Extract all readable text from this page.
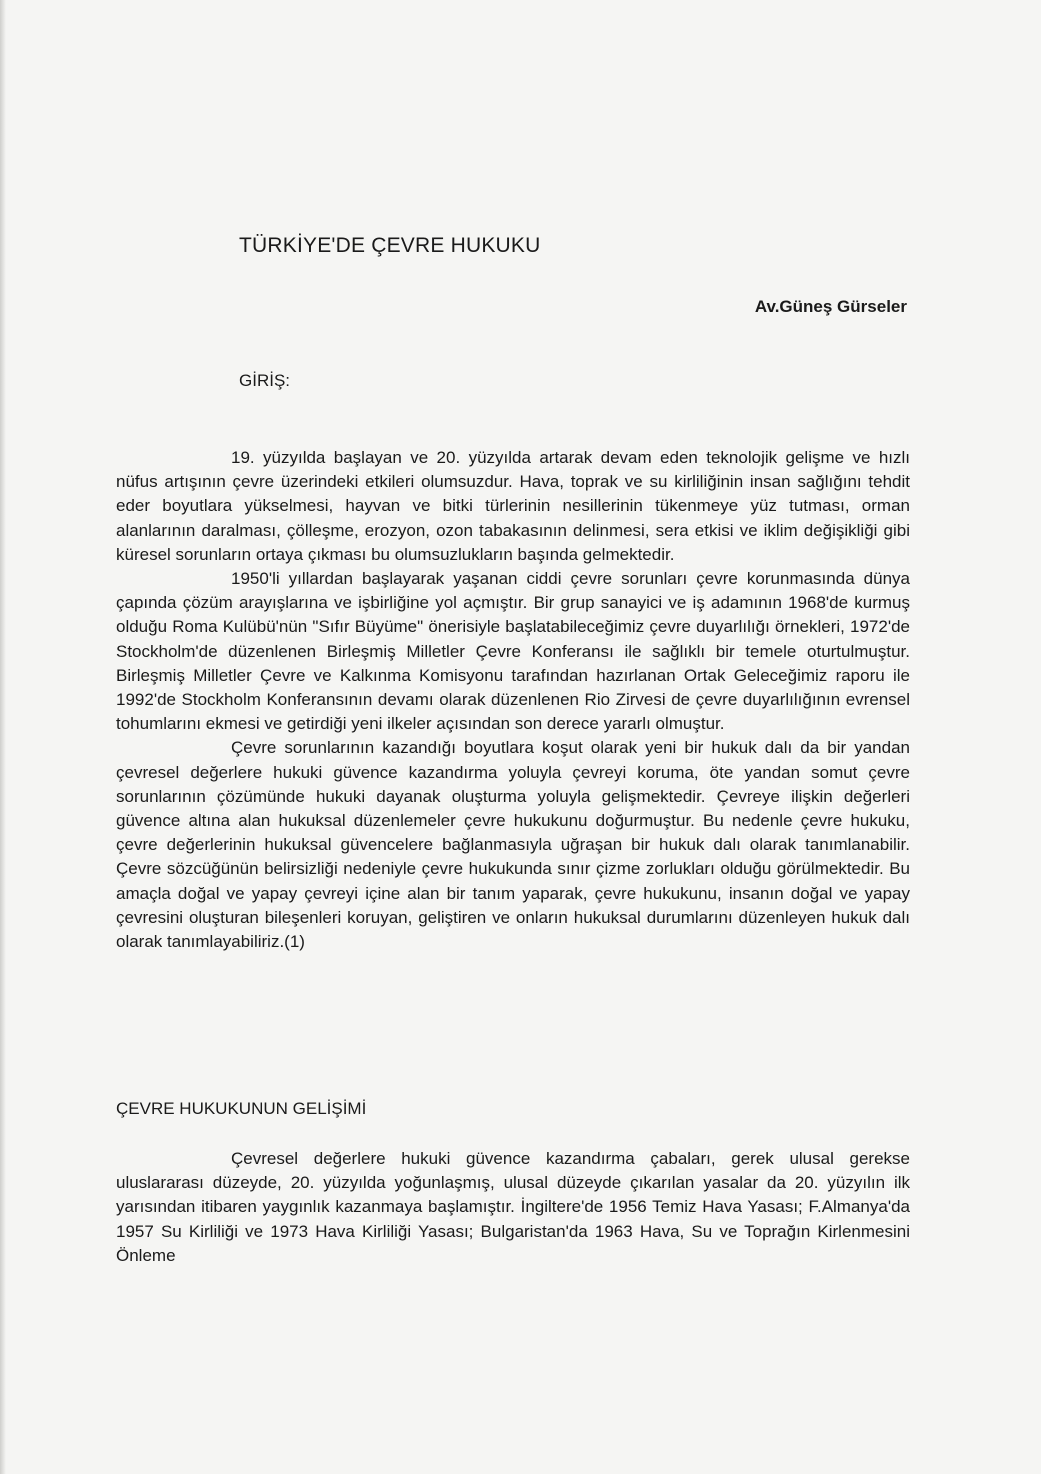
TÜRKİYE'DE ÇEVRE HUKUKU
Av.Güneş Gürseler
GİRİŞ:

19. yüzyılda başlayan ve 20. yüzyılda artarak devam eden teknolojik gelişme ve hızlı nüfus artışının çevre üzerindeki etkileri olumsuzdur. Hava, toprak ve su kirliliğinin insan sağlığını tehdit eder boyutlara yükselmesi, hayvan ve bitki türlerinin nesillerinin tükenmeye yüz tutması, orman alanlarının daralması, çölleşme, erozyon, ozon tabakasının delinmesi, sera etkisi ve iklim değişikliği gibi küresel sorunların ortaya çıkması bu olumsuzlukların başında gelmektedir.

1950'li yıllardan başlayarak yaşanan ciddi çevre sorunları çevre korunmasında dünya çapında çözüm arayışlarına ve işbirliğine yol açmıştır. Bir grup sanayici ve iş adamının 1968'de kurmuş olduğu Roma Kulübü'nün "Sıfır Büyüme" önerisiyle başlatabileceğimiz çevre duyarlılığı örnekleri, 1972'de Stockholm'de düzenlenen Birleşmiş Milletler Çevre Konferansı ile sağlıklı bir temele oturtulmuştur. Birleşmiş Milletler Çevre ve Kalkınma Komisyonu tarafından hazırlanan Ortak Geleceğimiz raporu ile 1992'de Stockholm Konferansının devamı olarak düzenlenen Rio Zirvesi de çevre duyarlılığının evrensel tohumlarını ekmesi ve getirdiği yeni ilkeler açısından son derece yararlı olmuştur.

Çevre sorunlarının kazandığı boyutlara koşut olarak yeni bir hukuk dalı da bir yandan çevresel değerlere hukuki güvence kazandırma yoluyla çevreyi koruma, öte yandan somut çevre sorunlarının çözümünde hukuki dayanak oluşturma yoluyla gelişmektedir. Çevreye ilişkin değerleri güvence altına alan hukuksal düzenlemeler çevre hukukunu doğurmuştur. Bu nedenle çevre hukuku, çevre değerlerinin hukuksal güvencelere bağlanmasıyla uğraşan bir hukuk dalı olarak tanımlanabilir. Çevre sözcüğünün belirsizliği nedeniyle çevre hukukunda sınır çizme zorlukları olduğu görülmektedir. Bu amaçla doğal ve yapay çevreyi içine alan bir tanım yaparak, çevre hukukunu, insanın doğal ve yapay çevresini oluşturan bileşenleri koruyan, geliştiren ve onların hukuksal durumlarını düzenleyen hukuk dalı olarak tanımlayabiliriz.(1)

ÇEVRE HUKUKUNUN GELİŞİMİ

Çevresel değerlere hukuki güvence kazandırma çabaları, gerek ulusal gerekse uluslararası düzeyde, 20. yüzyılda yoğunlaşmış, ulusal düzeyde çıkarılan yasalar da 20. yüzyılın ilk yarısından itibaren yaygınlık kazanmaya başlamıştır. İngiltere'de 1956 Temiz Hava Yasası; F.Almanya'da 1957 Su Kirliliği ve 1973 Hava Kirliliği Yasası; Bulgaristan'da 1963 Hava, Su ve Toprağın Kirlenmesini Önleme
